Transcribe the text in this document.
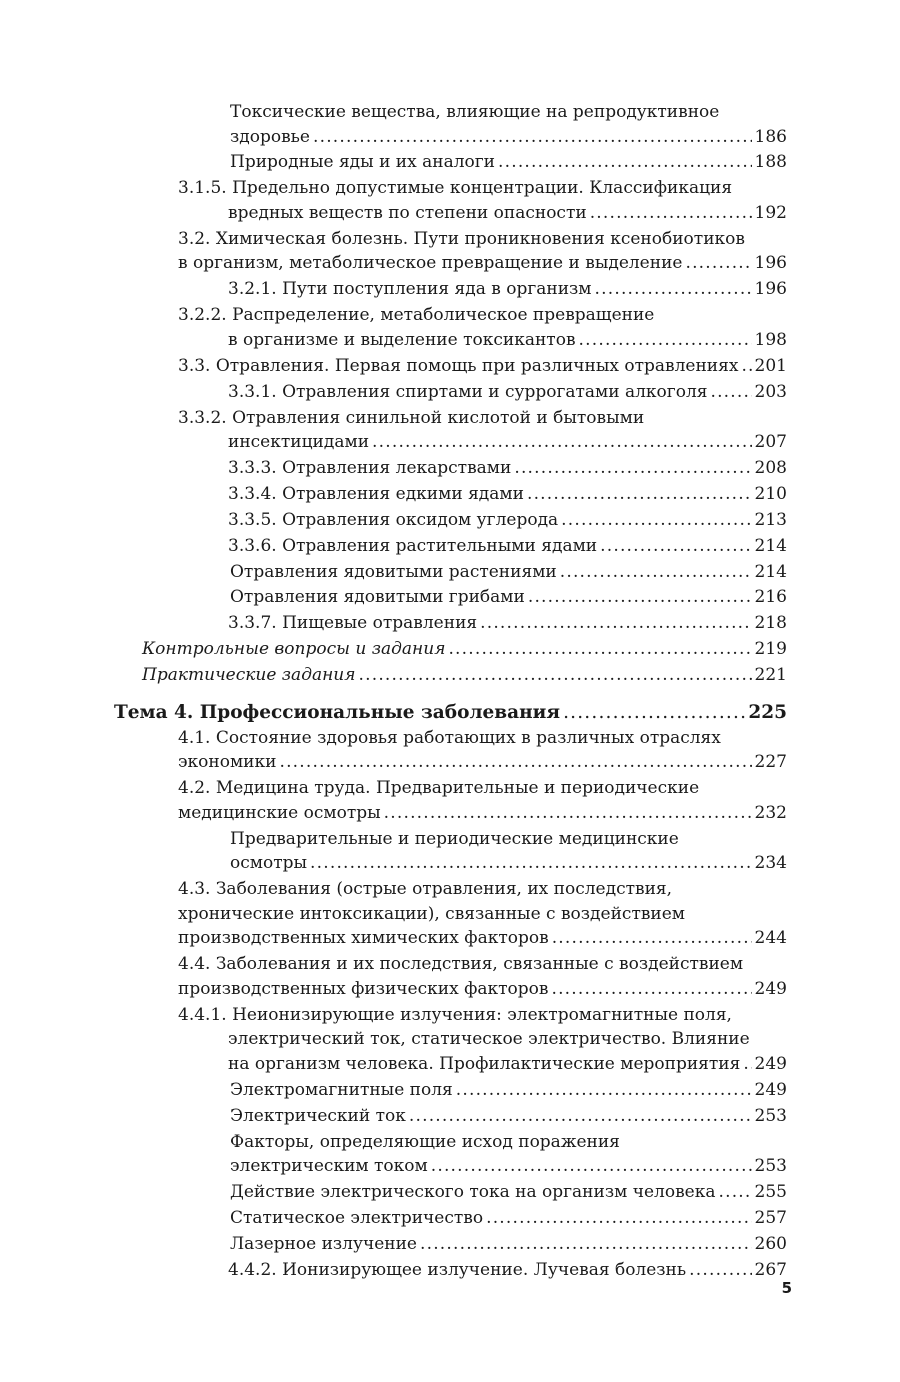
Токсические вещества, влияющие на репродуктивное
здоровье .....	186
Природные яды и их аналоги .....	188
3.1.5. Предельно допустимые концентрации. Классификация
вредных веществ по степени опасности .....	192
3.2. Химическая болезнь. Пути проникновения ксенобиотиков
в организм, метаболическое превращение и выделение .....	196
3.2.1. Пути поступления яда в организм .....	196
3.2.2. Распределение, метаболическое превращение
в организме и выделение токсикантов .....	198
3.3. Отравления. Первая помощь при различных отравлениях ..... 201
3.3.1. Отравления спиртами и суррогатами алкоголя .....	203
3.3.2. Отравления синильной кислотой и бытовыми
инсектицидами .....	207
3.3.3. Отравления лекарствами .....	208
3.3.4. Отравления едкими ядами .....	210
3.3.5. Отравления оксидом углерода .....	213
3.3.6. Отравления растительными ядами .....	214
Отравления ядовитыми растениями .....	214
Отравления ядовитыми грибами .....	216
3.3.7. Пищевые отравления .....	218
Контрольные вопросы и задания .....	219
Практические задания .....	221
Тема 4. Профессиональные заболевания .....	225
4.1. Состояние здоровья работающих в различных отраслях
экономики .....	227
4.2. Медицина труда. Предварительные и периодические
медицинские осмотры .....	232
Предварительные и периодические медицинские
осмотры .....	234
4.3. Заболевания (острые отравления, их последствия, хронические интоксикации), связанные с воздействием
производственных химических факторов .....	244
4.4. Заболевания и их последствия, связанные с воздействием
производственных физических факторов .....	249
4.4.1. Неионизирующие излучения: электромагнитные поля, электрический ток, статическое электричество. Влияние
на организм человека. Профилактические мероприятия ..... 249
Электромагнитные поля .....	249
Электрический ток .....	253
Факторы, определяющие исход поражения
электрическим током .....	253
Действие электрического тока на организм человека ..... 255
Статическое электричество .....	257
Лазерное излучение .....	260
4.4.2. Ионизирующее излучение. Лучевая болезнь .....	267
5
